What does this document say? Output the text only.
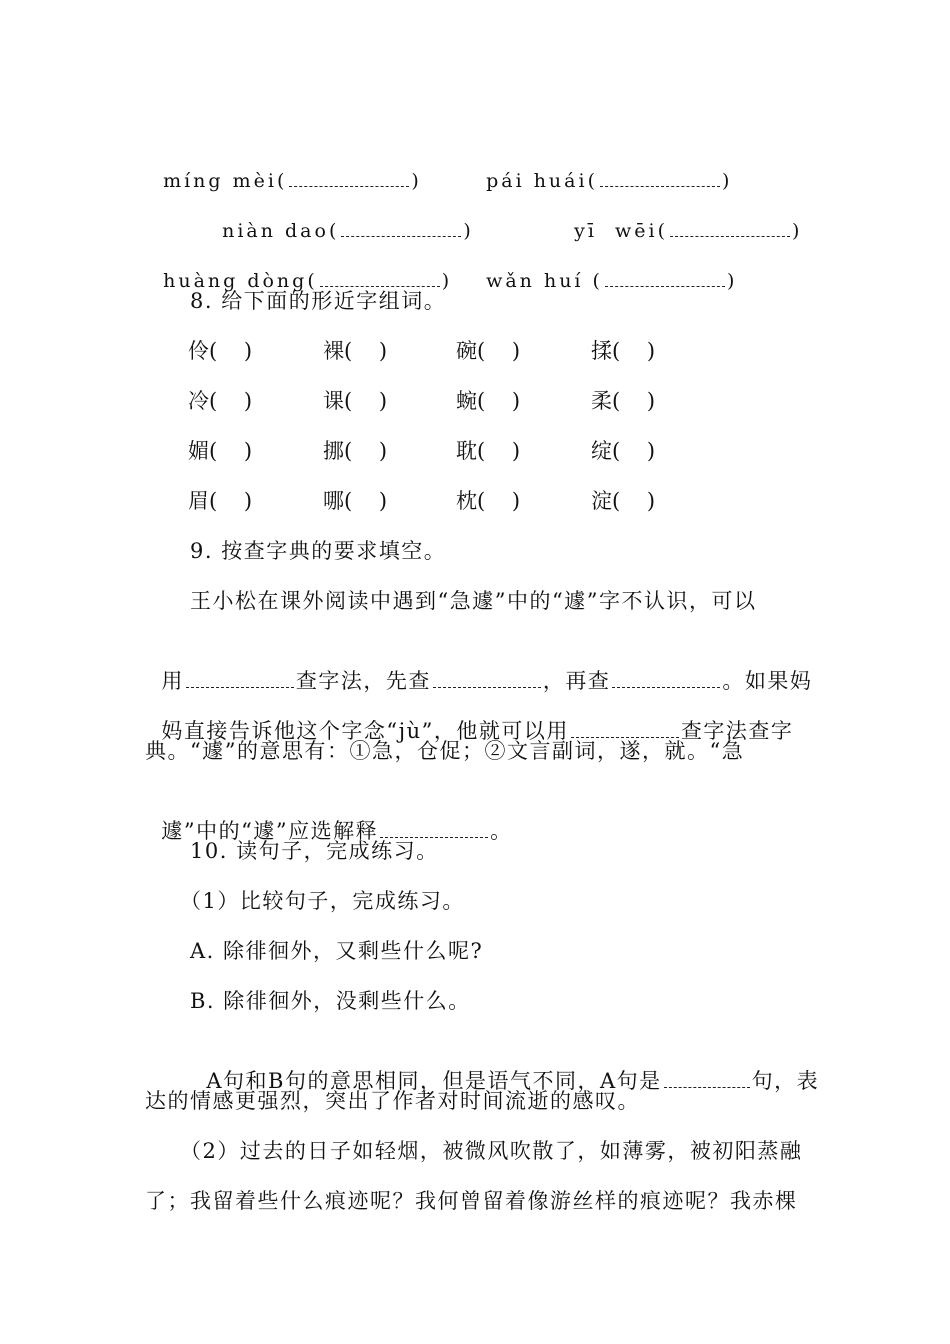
míng mèi(	)	pái huái(	)

niàn dao(	)	yī  wēi(	)

huàng dòng(	)	wǎn huí (	)

8. 给下面的形近字组词。
伶(    )	裸(    )	碗(    )	揉(    )
冷(    )	课(    )	蜿(    )	柔(    )
媚(    )	挪(    )	耽(    )	绽(    )
眉(    )	哪(    )	枕(    )	淀(    )
9. 按查字典的要求填空。
王小松在课外阅读中遇到“急遽”中的“遽”字不认识，可以

用	查字法，先查	，再查	。如果妈

妈直接告诉他这个字念“jù”，他就可以用	查字法查字

典。“遽”的意思有：①急，仓促；②文言副词，遂，就。“急

遽”中的“遽”应选解释	。

10. 读句子，完成练习。
（1）比较句子，完成练习。
A. 除徘徊外，又剩些什么呢?
B. 除徘徊外，没剩些什么。

A句和B句的意思相同，但是语气不同，A句是	句，表

达的情感更强烈，突出了作者对时间流逝的感叹。
（2）过去的日子如轻烟，被微风吹散了，如薄雾，被初阳蒸融
了；我留着些什么痕迹呢？我何曾留着像游丝样的痕迹呢？我赤棵
